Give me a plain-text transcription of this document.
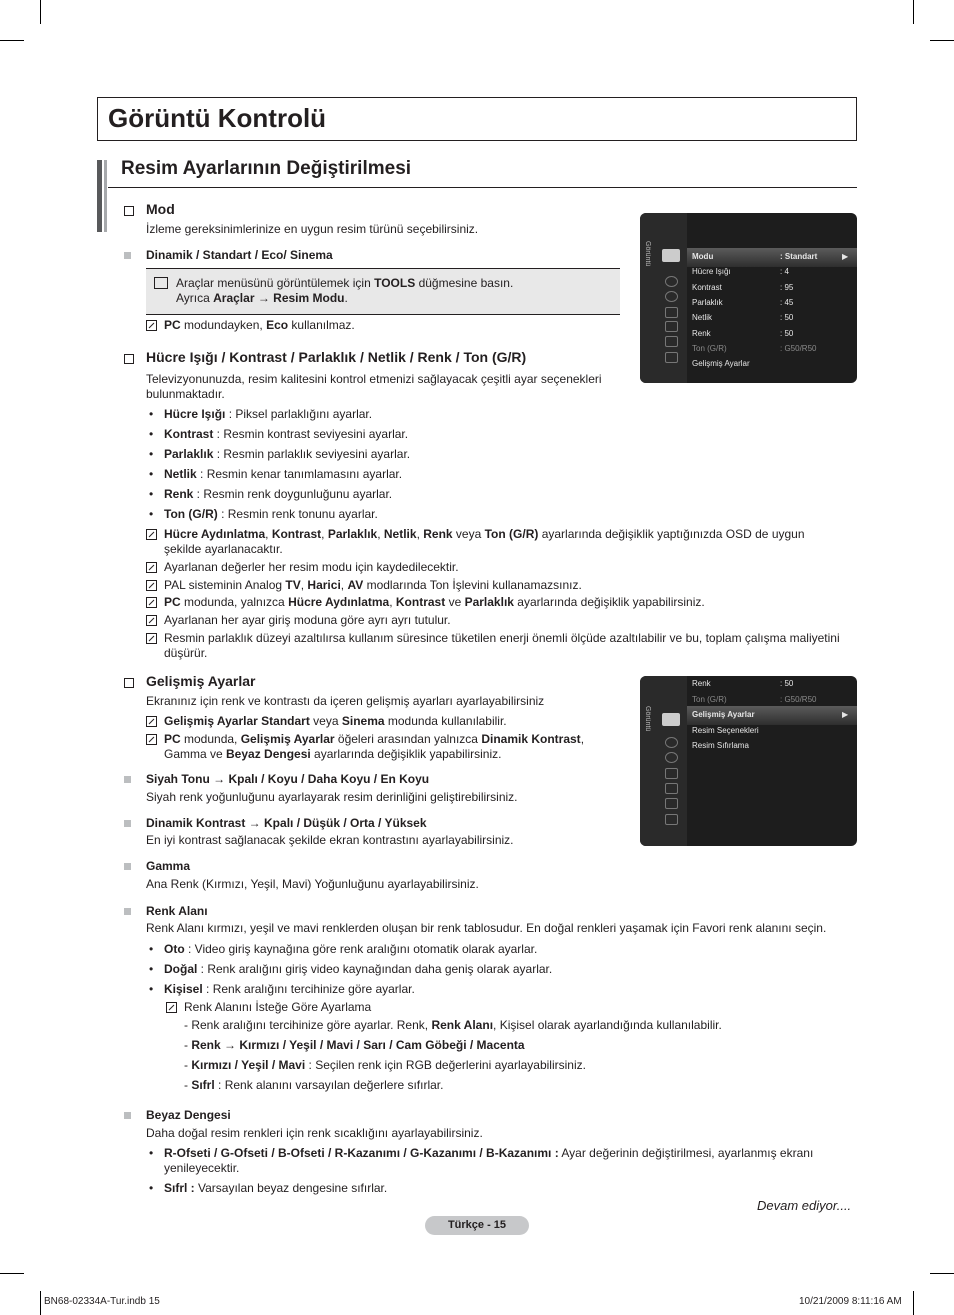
Görüntü Kontrolü
Resim Ayarlarının Değiştirilmesi
Mod
İzleme gereksinimlerinize en uygun resim türünü seçebilirsiniz.
Dinamik / Standart / Eco/ Sinema
Araçlar menüsünü görüntülemek için TOOLS düğmesine basın.
Ayrıca Araçlar → Resim Modu.
PC modundayken, Eco kullanılmaz.
Hücre Işığı / Kontrast / Parlaklık / Netlik / Renk / Ton (G/R)
Televizyonunuzda, resim kalitesini kontrol etmenizi sağlayacak çeşitli ayar seçenekleri bulunmaktadır.
• Hücre Işığı : Piksel parlaklığını ayarlar.
• Kontrast : Resmin kontrast seviyesini ayarlar.
• Parlaklık : Resmin parlaklık seviyesini ayarlar.
• Netlik : Resmin kenar tanımlamasını ayarlar.
• Renk : Resmin renk doygunluğunu ayarlar.
• Ton (G/R) : Resmin renk tonunu ayarlar.
Hücre Aydınlatma, Kontrast, Parlaklık, Netlik, Renk veya Ton (G/R) ayarlarında değişiklik yaptığınızda OSD de uygun
şekilde ayarlanacaktır.
Ayarlanan değerler her resim modu için kaydedilecektir.
PAL sisteminin Analog TV, Harici, AV modlarında Ton İşlevini kullanamazsınız.
PC modunda, yalnızca Hücre Aydınlatma, Kontrast ve Parlaklık ayarlarında değişiklik yapabilirsiniz.
Ayarlanan her ayar giriş moduna göre ayrı ayrı tutulur.
Resmin parlaklık düzeyi azaltılırsa kullanım süresince tüketilen enerji önemli ölçüde azaltılabilir ve bu, toplam çalışma maliyetini düşürür.
Gelişmiş Ayarlar
Ekranınız için renk ve kontrastı da içeren gelişmiş ayarları ayarlayabilirsiniz
Gelişmiş Ayarlar Standart veya Sinema modunda kullanılabilir.
PC modunda, Gelişmiş Ayarlar öğeleri arasından yalnızca Dinamik Kontrast,
Gamma ve Beyaz Dengesi ayarlarında değişiklik yapabilirsiniz.
Siyah Tonu → Kpalı / Koyu / Daha Koyu / En Koyu
Siyah renk yoğunluğunu ayarlayarak resim derinliğini geliştirebilirsiniz.
Dinamik Kontrast → Kpalı / Düşük / Orta / Yüksek
En iyi kontrast sağlanacak şekilde ekran kontrastını ayarlayabilirsiniz.
Gamma
Ana Renk (Kırmızı, Yeşil, Mavi) Yoğunluğunu ayarlayabilirsiniz.
Renk Alanı
Renk Alanı kırmızı, yeşil ve mavi renklerden oluşan bir renk tablosudur. En doğal renkleri yaşamak için Favori renk alanını seçin.
• Oto : Video giriş kaynağına göre renk aralığını otomatik olarak ayarlar.
• Doğal : Renk aralığını giriş video kaynağından daha geniş olarak ayarlar.
• Kişisel : Renk aralığını tercihinize göre ayarlar.
Renk Alanını İsteğe Göre Ayarlama
- Renk aralığını tercihinize göre ayarlar. Renk, Renk Alanı, Kişisel olarak ayarlandığında kullanılabilir.
- Renk → Kırmızı / Yeşil / Mavi / Sarı / Cam Göbeği / Macenta
- Kırmızı / Yeşil / Mavi : Seçilen renk için RGB değerlerini ayarlayabilirsiniz.
- Sıfrl : Renk alanını varsayılan değerlere sıfırlar.
Beyaz Dengesi
Daha doğal resim renkleri için renk sıcaklığını ayarlayabilirsiniz.
• R-Ofseti / G-Ofseti / B-Ofseti / R-Kazanımı / G-Kazanımı / B-Kazanımı : Ayar değerinin değiştirilmesi, ayarlanmış ekranı yenileyecektir.
• Sıfrl : Varsayılan beyaz dengesine sıfırlar.
Devam ediyor....
Türkçe - 15
BN68-02334A-Tur.indb 15	10/21/2009 8:11:16 AM
Görüntü	Modu	: Standart	▶
Hücre Işığı	: 4
Kontrast	: 95
Parlaklık	: 45
Netlik	: 50
Renk	: 50
Ton (G/R)	: G50/R50
Gelişmiş Ayarlar
Görüntü
Renk	: 50
Ton (G/R)	: G50/R50
Gelişmiş Ayarlar	▶
Resim Seçenekleri
Resim Sıfırlama
